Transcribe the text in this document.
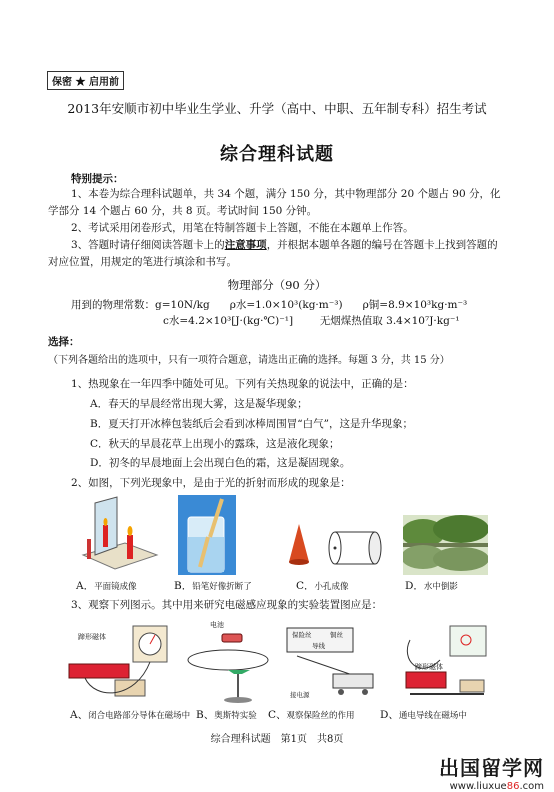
保密 ★ 启用前
2013年安顺市初中毕业生学业、升学（高中、中职、五年制专科）招生考试
综合理科试题
特别提示：
1、本卷为综合理科试题单，共 34 个题，满分 150 分，其中物理部分 20 个题占 90 分，化学部分 14 个题占 60 分，共 8 页。考试时间 150 分钟。
2、考试采用闭卷形式，用笔在特制答题卡上答题，不能在本题单上作答。
3、答题时请仔细阅读答题卡上的注意事项，并根据本题单各题的编号在答题卡上找到答题的对应位置，用规定的笔进行填涂和书写。
物理部分（90 分）
用到的物理常数：g=10N/kg      ρ水=1.0×10³(kg·m⁻³)      ρ铜=8.9×10³kg·m⁻³
c水=4.2×10³[J·(kg·℃)⁻¹]        无烟煤热值取 3.4×10⁷J·kg⁻¹
选择：
（下列各题给出的选项中，只有一项符合题意，请选出正确的选择。每题 3 分，共 15 分）
1、热现象在一年四季中随处可见。下列有关热现象的说法中，正确的是：
A．春天的早晨经常出现大雾，这是凝华现象；
B．夏天打开冰棒包装纸后会看到冰棒周围冒“白气”，这是升华现象；
C．秋天的早晨花草上出现小的露珠，这是液化现象；
D．初冬的早晨地面上会出现白色的霜，这是凝固现象。
2、如图，下列光现象中，是由于光的折射而形成的现象是：
A．平面镜成像	B．铅笔好像折断了	C．小孔成像	D．水中倒影
3、观察下列图示。其中用来研究电磁感应现象的实验装置图应是：
蹄形磁体
电池
保险丝	铜丝
导线
接电源
蹄形磁体
A、闭合电路部分导体在磁场中 B、奥斯特实验 C、观察保险丝的作用 D、通电导线在磁场中
综合理科试题　第1页　共8页
出国留学网
www.liuxue86.com
